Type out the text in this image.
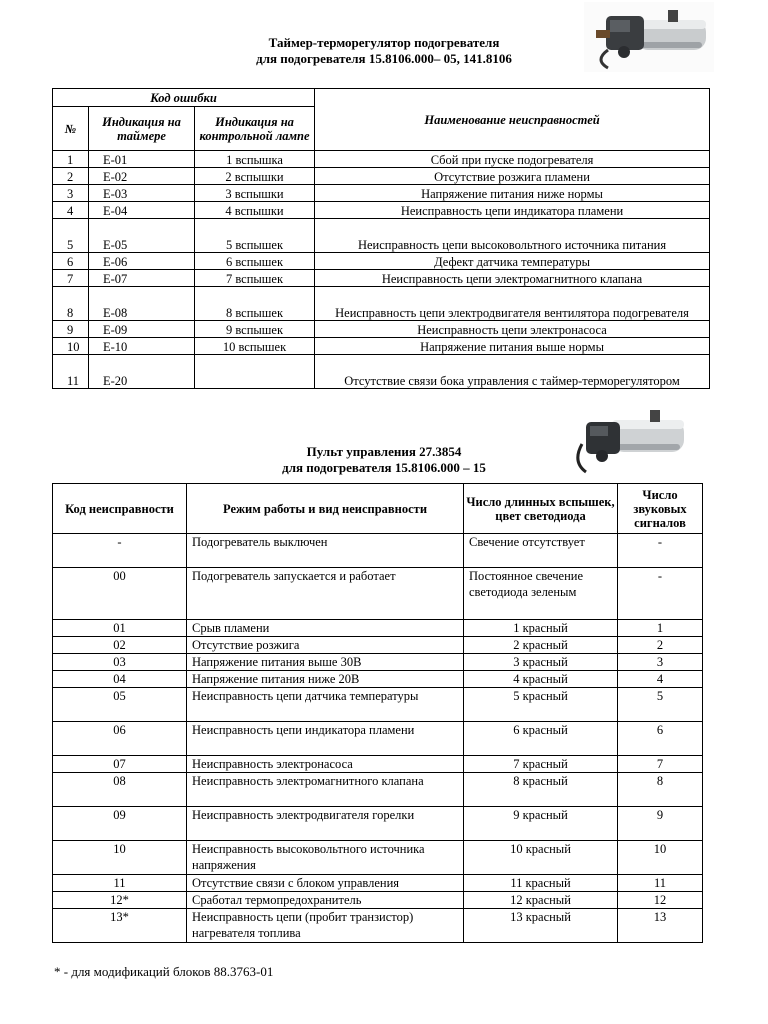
Таймер-терморегулятор подогревателя
для подогревателя 15.8106.000– 05, 141.8106
Код ошибки			Наименование неисправностей
№	Индикация на таймере	Индикация на контрольной лампе	
1	E-01	1 вспышка	Сбой при пуске подогревателя
2	E-02	2 вспышки	Отсутствие розжига пламени
3	E-03	3 вспышки	Напряжение питания ниже нормы
4	E-04	4 вспышки	Неисправность цепи индикатора пламени
5	E-05	5 вспышек	Неисправность цепи высоковольтного источника питания
6	E-06	6 вспышек	Дефект датчика температуры
7	E-07	7 вспышек	Неисправность цепи электромагнитного клапана
8	E-08	8 вспышек	Неисправность цепи электродвигателя вентилятора подогревателя
9	E-09	9 вспышек	Неисправность цепи электронасоса
10	E-10	10 вспышек	Напряжение питания выше нормы
11	E-20		Отсутствие связи бока управления с таймер-терморегулятором
Пульт управления 27.3854
для подогревателя 15.8106.000 – 15
Код неисправности	Режим работы и вид неисправности	Число длинных вспышек, цвет светодиода	Число звуковых сигналов
-	Подогреватель выключен	Свечение отсутствует	-
00	Подогреватель запускается и работает	Постоянное свечение светодиода зеленым	-
01	Срыв пламени	1 красный	1
02	Отсутствие розжига	2 красный	2
03	Напряжение питания выше 30В	3 красный	3
04	Напряжение питания ниже 20В	4 красный	4
05	Неисправность цепи датчика температуры	5 красный	5
06	Неисправность цепи индикатора пламени	6 красный	6
07	Неисправность электронасоса	7 красный	7
08	Неисправность электромагнитного клапана	8 красный	8
09	Неисправность электродвигателя горелки	9 красный	9
10	Неисправность высоковольтного источника напряжения	10 красный	10
11	Отсутствие связи с блоком управления	11 красный	11
12*	Сработал термопредохранитель	12 красный	12
13*	Неисправность цепи (пробит транзистор) нагревателя топлива	13 красный	13
* - для модификаций блоков 88.3763-01
